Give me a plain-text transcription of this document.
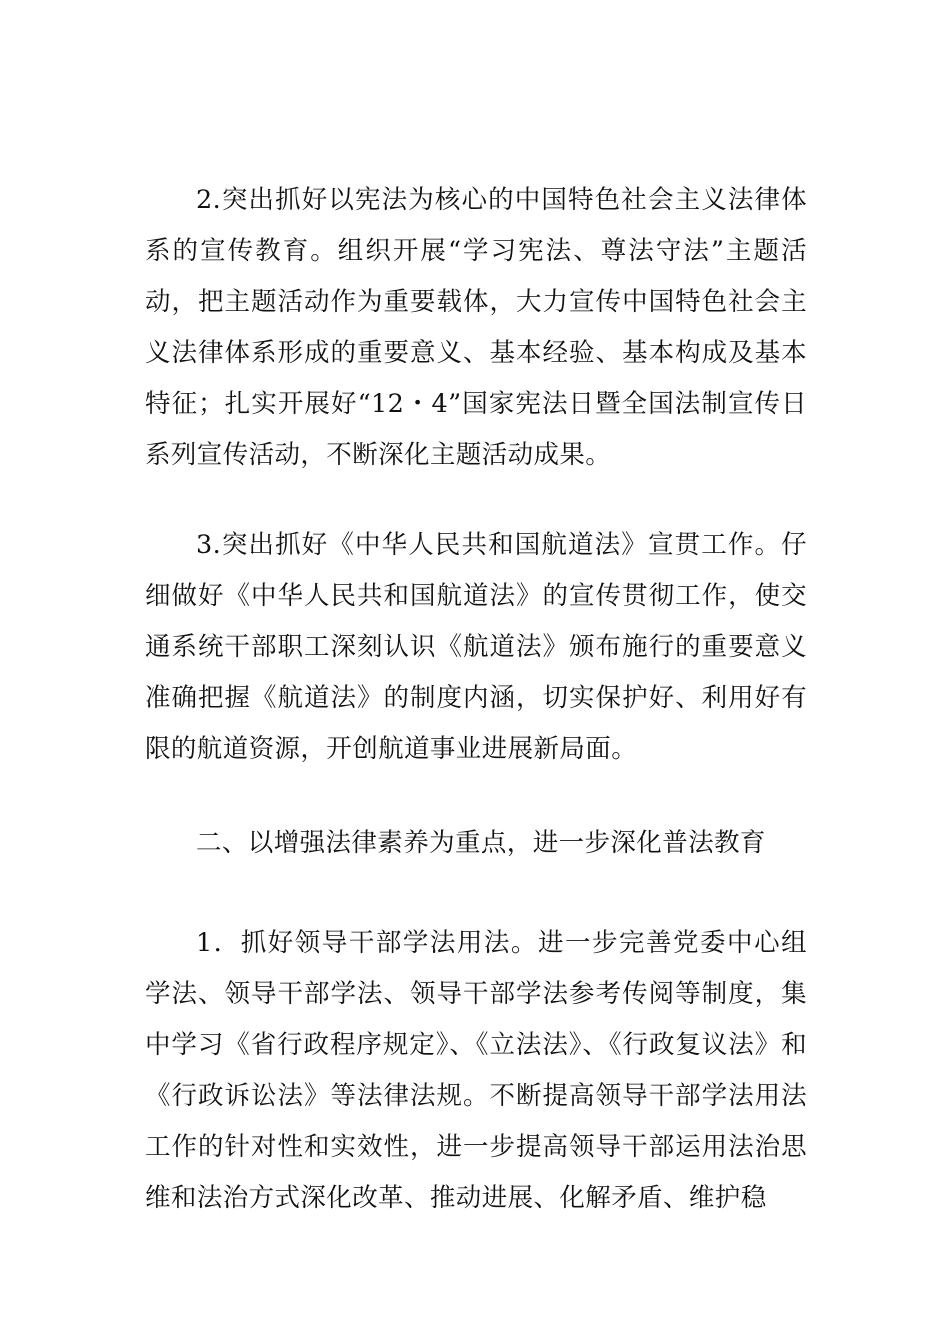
2.突出抓好以宪法为核心的中国特色社会主义法律体系的宣传教育。组织开展“学习宪法、尊法守法”主题活动，把主题活动作为重要载体，大力宣传中国特色社会主义法律体系形成的重要意义、基本经验、基本构成及基本特征；扎实开展好“12・4”国家宪法日暨全国法制宣传日系列宣传活动，不断深化主题活动成果。

3.突出抓好《中华人民共和国航道法》宣贯工作。仔细做好《中华人民共和国航道法》的宣传贯彻工作，使交通系统干部职工深刻认识《航道法》颁布施行的重要意义准确把握《航道法》的制度内涵，切实保护好、利用好有限的航道资源，开创航道事业进展新局面。

二、以增强法律素养为重点，进一步深化普法教育

1．抓好领导干部学法用法。进一步完善党委中心组学法、领导干部学法、领导干部学法参考传阅等制度，集中学习《省行政程序规定》、《立法法》、《行政复议法》和《行政诉讼法》等法律法规。不断提高领导干部学法用法工作的针对性和实效性，进一步提高领导干部运用法治思维和法治方式深化改革、推动进展、化解矛盾、维护稳
